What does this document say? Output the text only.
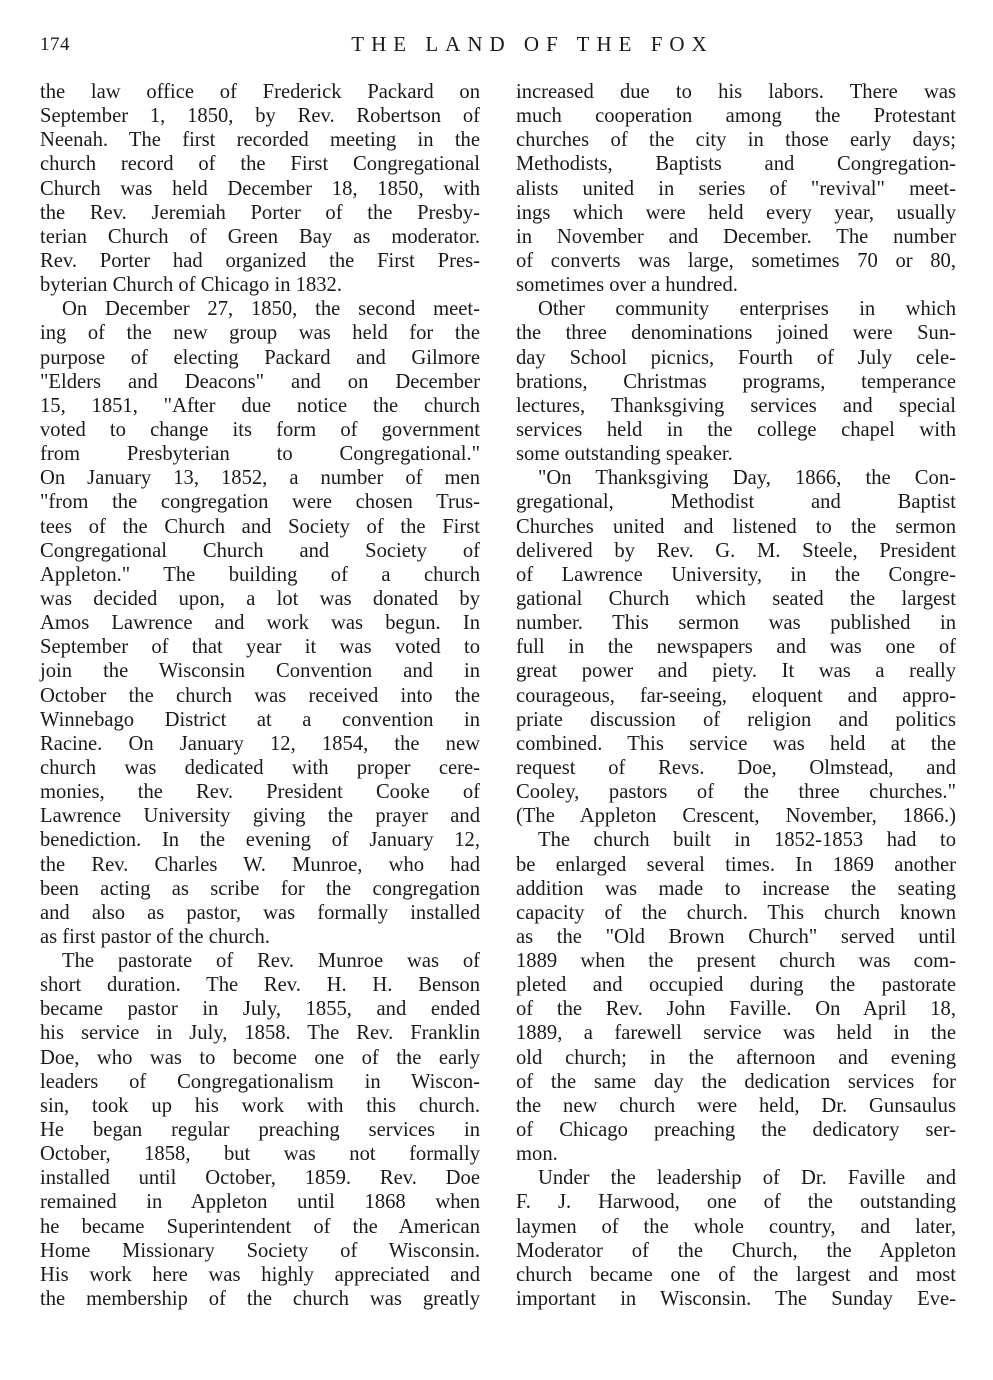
174	THE LAND OF THE FOX
the law office of Frederick Packard on
September 1, 1850, by Rev. Robertson of
Neenah. The first recorded meeting in the
church record of the First Congregational
Church was held December 18, 1850, with
the Rev. Jeremiah Porter of the Presby-
terian Church of Green Bay as moderator.
Rev. Porter had organized the First Pres-
byterian Church of Chicago in 1832.
On December 27, 1850, the second meet-
ing of the new group was held for the
purpose of electing Packard and Gilmore
"Elders and Deacons" and on December
15, 1851, "After due notice the church
voted to change its form of government
from Presbyterian to Congregational."
On January 13, 1852, a number of men
"from the congregation were chosen Trus-
tees of the Church and Society of the First
Congregational Church and Society of
Appleton." The building of a church
was decided upon, a lot was donated by
Amos Lawrence and work was begun. In
September of that year it was voted to
join the Wisconsin Convention and in
October the church was received into the
Winnebago District at a convention in
Racine. On January 12, 1854, the new
church was dedicated with proper cere-
monies, the Rev. President Cooke of
Lawrence University giving the prayer and
benediction. In the evening of January 12,
the Rev. Charles W. Munroe, who had
been acting as scribe for the congregation
and also as pastor, was formally installed
as first pastor of the church.
The pastorate of Rev. Munroe was of
short duration. The Rev. H. H. Benson
became pastor in July, 1855, and ended
his service in July, 1858. The Rev. Franklin
Doe, who was to become one of the early
leaders of Congregationalism in Wiscon-
sin, took up his work with this church.
He began regular preaching services in
October, 1858, but was not formally
installed until October, 1859. Rev. Doe
remained in Appleton until 1868 when
he became Superintendent of the American
Home Missionary Society of Wisconsin.
His work here was highly appreciated and
the membership of the church was greatly
increased due to his labors. There was
much cooperation among the Protestant
churches of the city in those early days;
Methodists, Baptists and Congregation-
alists united in series of "revival" meet-
ings which were held every year, usually
in November and December. The number
of converts was large, sometimes 70 or 80,
sometimes over a hundred.
Other community enterprises in which
the three denominations joined were Sun-
day School picnics, Fourth of July cele-
brations, Christmas programs, temperance
lectures, Thanksgiving services and special
services held in the college chapel with
some outstanding speaker.
"On Thanksgiving Day, 1866, the Con-
gregational, Methodist and Baptist
Churches united and listened to the sermon
delivered by Rev. G. M. Steele, President
of Lawrence University, in the Congre-
gational Church which seated the largest
number. This sermon was published in
full in the newspapers and was one of
great power and piety. It was a really
courageous, far-seeing, eloquent and appro-
priate discussion of religion and politics
combined. This service was held at the
request of Revs. Doe, Olmstead, and
Cooley, pastors of the three churches."
(The Appleton Crescent, November, 1866.)
The church built in 1852-1853 had to
be enlarged several times. In 1869 another
addition was made to increase the seating
capacity of the church. This church known
as the "Old Brown Church" served until
1889 when the present church was com-
pleted and occupied during the pastorate
of the Rev. John Faville. On April 18,
1889, a farewell service was held in the
old church; in the afternoon and evening
of the same day the dedication services for
the new church were held, Dr. Gunsaulus
of Chicago preaching the dedicatory ser-
mon.
Under the leadership of Dr. Faville and
F. J. Harwood, one of the outstanding
laymen of the whole country, and later,
Moderator of the Church, the Appleton
church became one of the largest and most
important in Wisconsin. The Sunday Eve-
